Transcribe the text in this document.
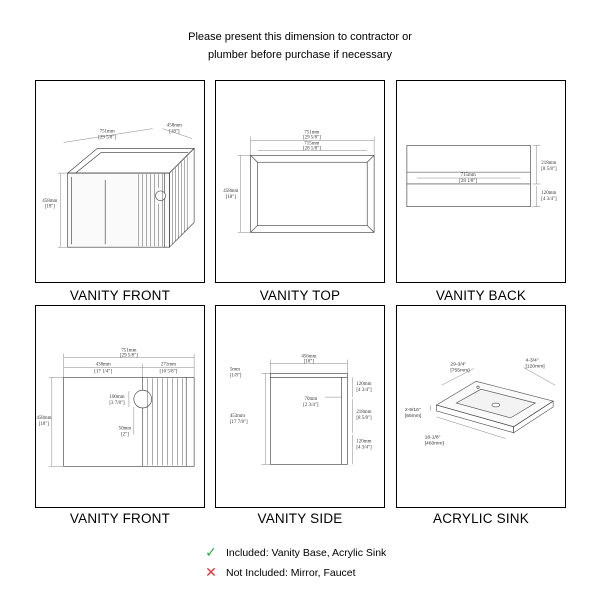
Please present this dimension to contractor or
plumber before purchase if necessary
751mm
[29 5/8"]
458mm
[18"]
458mm
[18"]
VANITY FRONT
751mm
[29 5/8"]
715mm
[28 1/8"]
458mm
[18"]
VANITY TOP
715mm
[28 1/8"]
218mm
[8 5/8"]
120mm
[4 3/4"]
VANITY BACK
751mm
[29 5/8"]
438mm
[17 1/4"]
271mm
[10 5/8"]
458mm
[18"]
100mm
[3 7/8"]
50mm
[2"]
VANITY FRONT
456mm
[18"]
5mm
[1/8"]
453mm
[17 7/8"]
70mm
[2 3/4"]
120mm
[4 3/4"]
218mm
[8 5/8"]
120mm
[4 3/4"]
VANITY SIDE
29-3/4"
[755mm]
4-3/4"
[120mm]
2-9/16"
[65mm]
18-1/8"
[460mm]
ACRYLIC SINK
✓ Included: Vanity Base, Acrylic Sink
✕ Not Included: Mirror, Faucet
